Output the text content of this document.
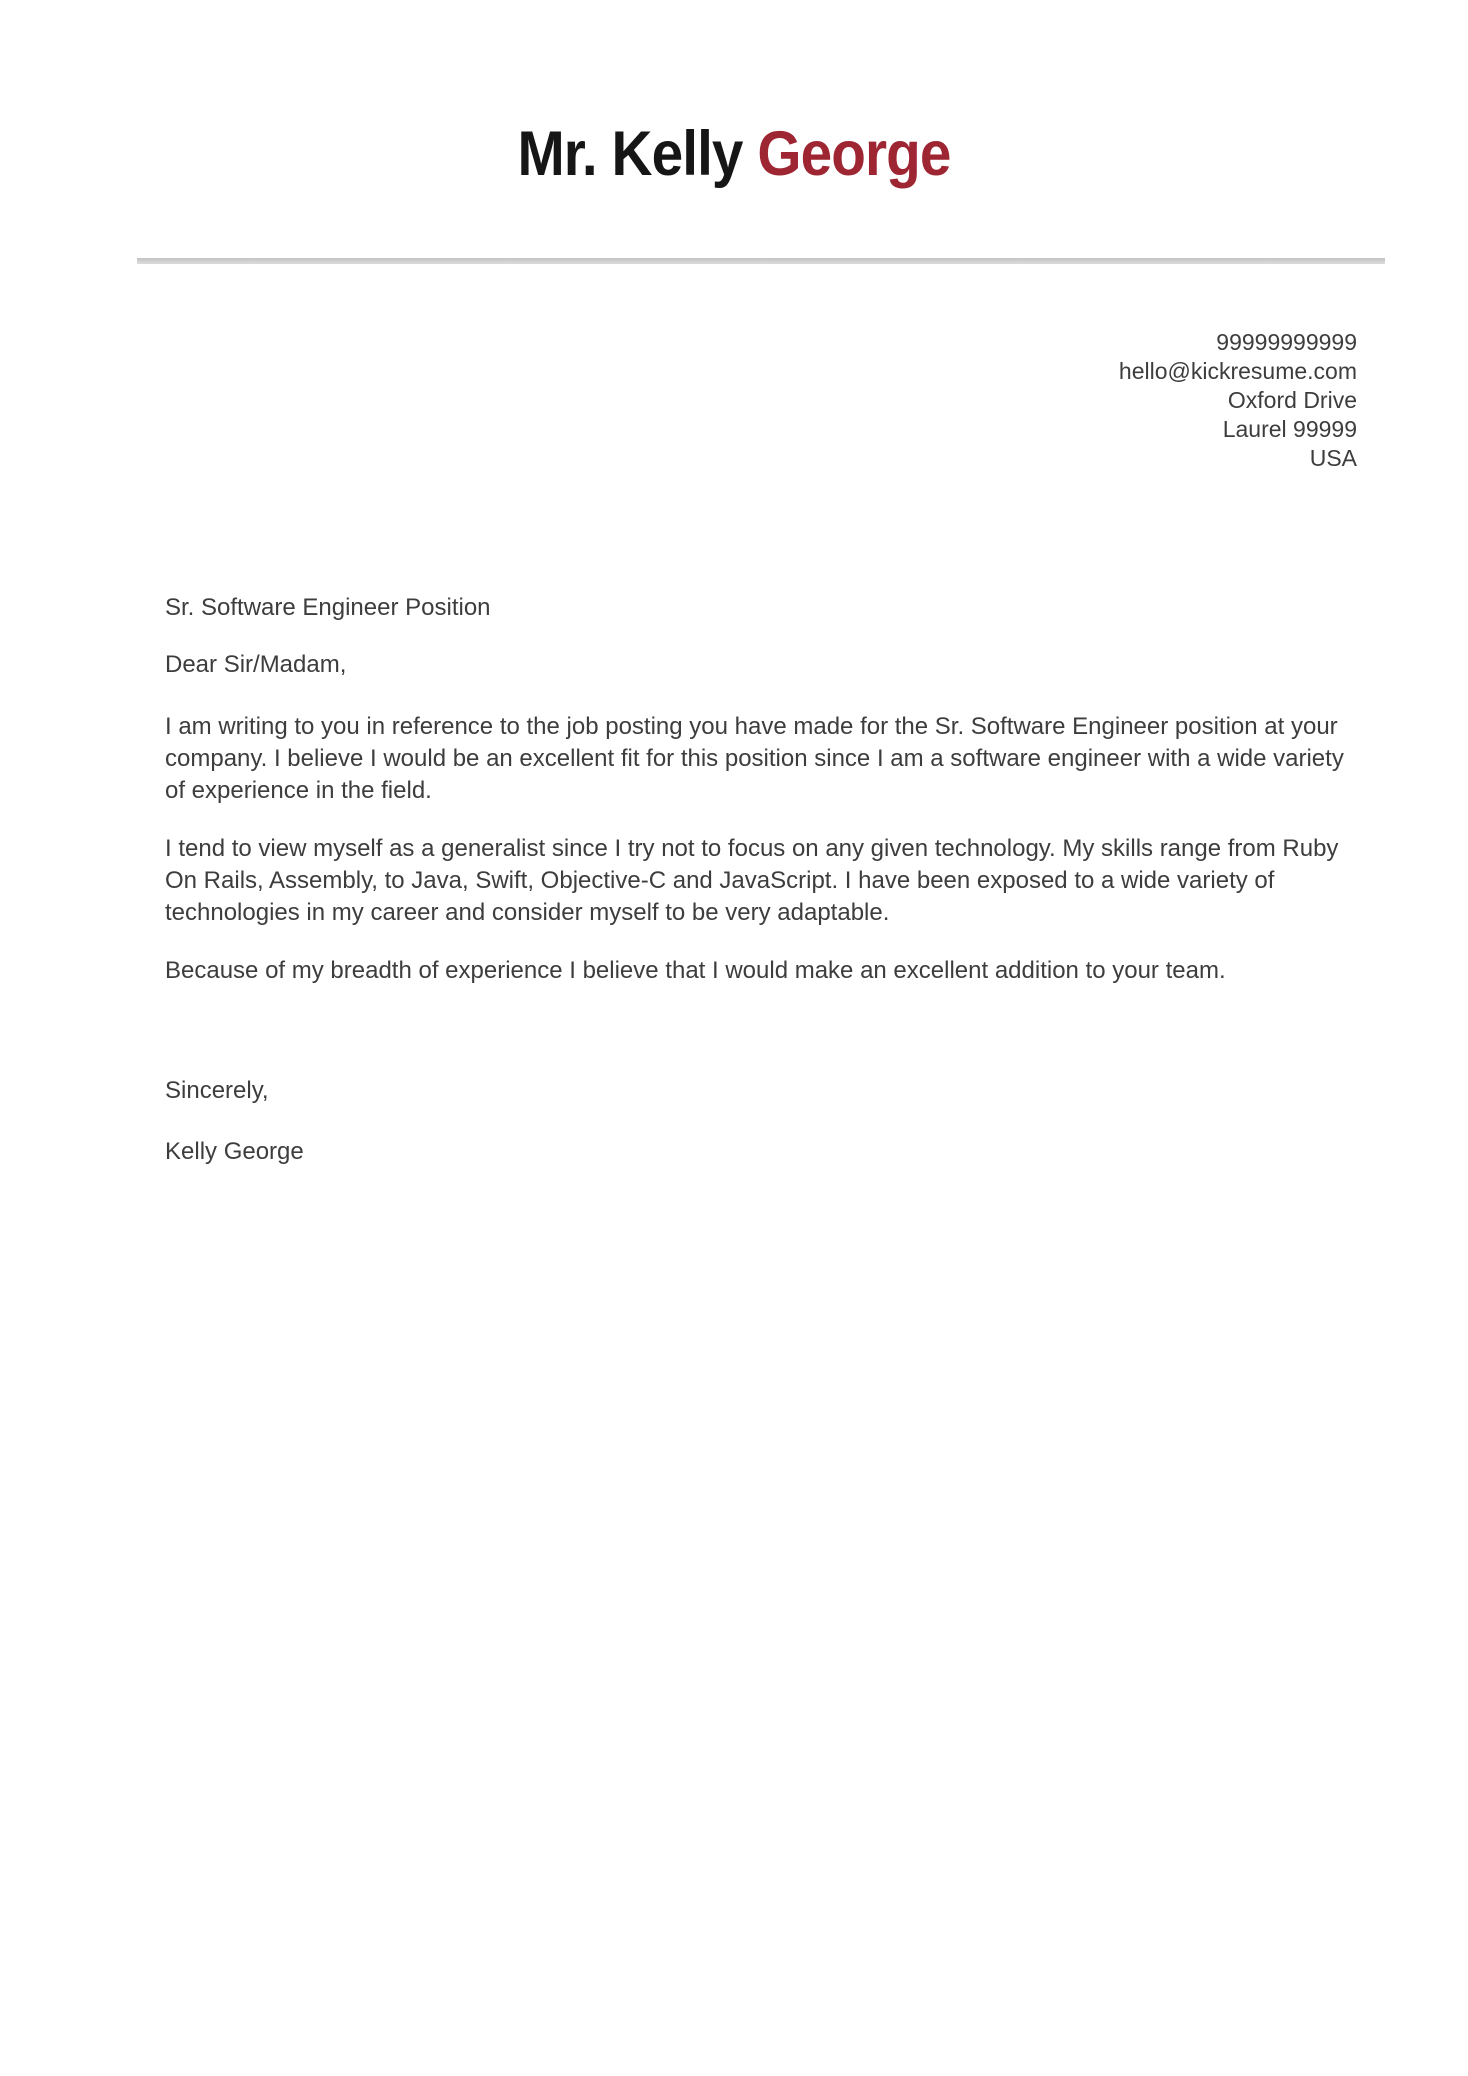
Mr. Kelly George
99999999999
hello@kickresume.com
Oxford Drive
Laurel 99999
USA

Sr. Software Engineer Position

Dear Sir/Madam,

I am writing to you in reference to the job posting you have made for the Sr. Software Engineer position at your company. I believe I would be an excellent fit for this position since I am a software engineer with a wide variety of experience in the field.

I tend to view myself as a generalist since I try not to focus on any given technology. My skills range from Ruby On Rails, Assembly, to Java, Swift, Objective-C and JavaScript. I have been exposed to a wide variety of technologies in my career and consider myself to be very adaptable.

Because of my breadth of experience I believe that I would make an excellent addition to your team.

Sincerely,

Kelly George
